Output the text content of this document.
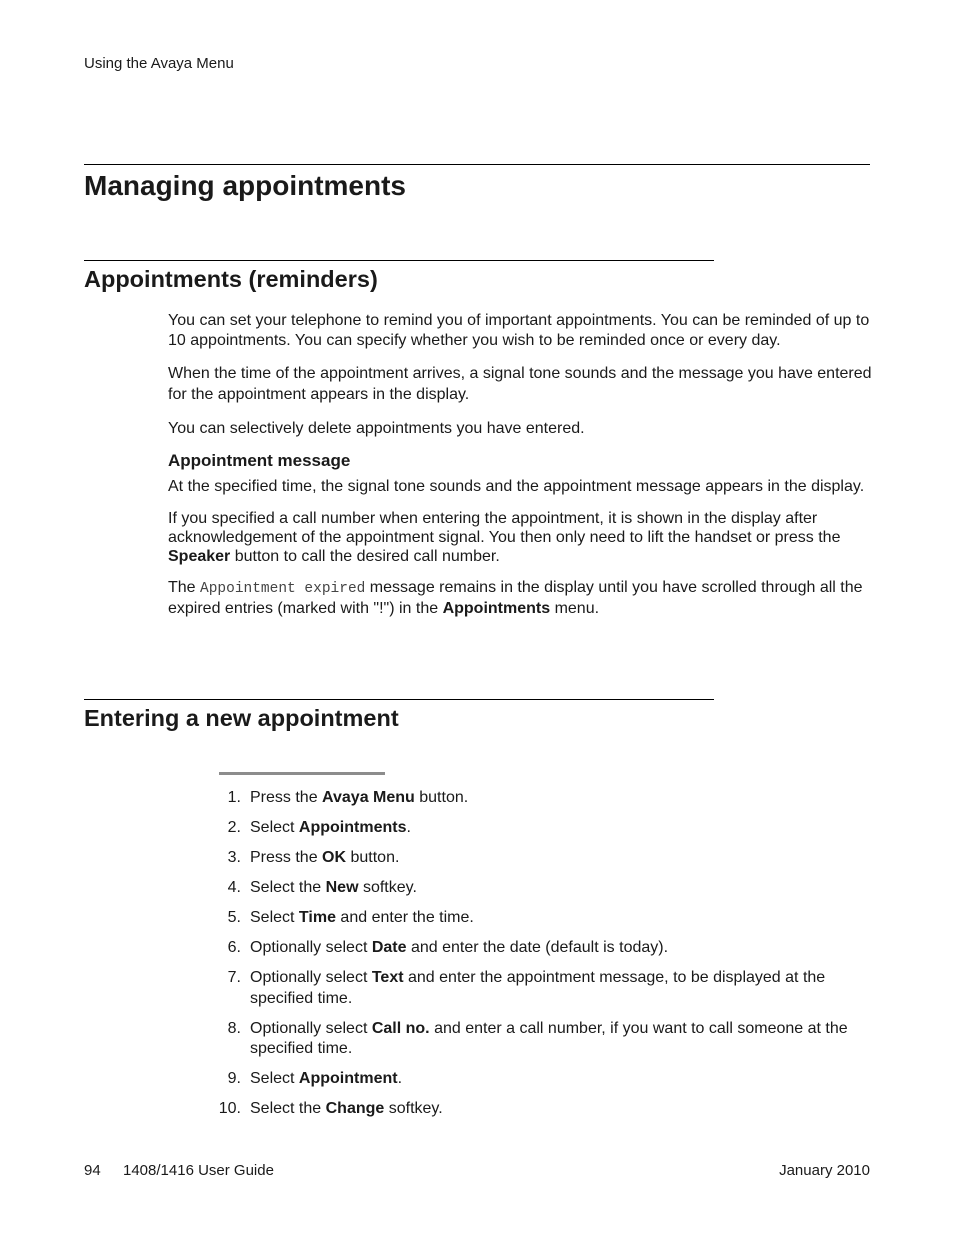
Using the Avaya Menu
Managing appointments
Appointments (reminders)

You can set your telephone to remind you of important appointments. You can be reminded of up to 10 appointments. You can specify whether you wish to be reminded once or every day.

When the time of the appointment arrives, a signal tone sounds and the message you have entered for the appointment appears in the display.

You can selectively delete appointments you have entered.

Appointment message

At the specified time, the signal tone sounds and the appointment message appears in the display.

If you specified a call number when entering the appointment, it is shown in the display after acknowledgement of the appointment signal. You then only need to lift the handset or press the Speaker button to call the desired call number.

The Appointment expired message remains in the display until you have scrolled through all the expired entries (marked with "!") in the Appointments menu.

Entering a new appointment
1. Press the Avaya Menu button.
2. Select Appointments.
3. Press the OK button.
4. Select the New softkey.
5. Select Time and enter the time.
6. Optionally select Date and enter the date (default is today).
7. Optionally select Text and enter the appointment message, to be displayed at the specified time.
8. Optionally select Call no. and enter a call number, if you want to call someone at the specified time.
9. Select Appointment.
10. Select the Change softkey.
94 1408/1416 User Guide	January 2010
